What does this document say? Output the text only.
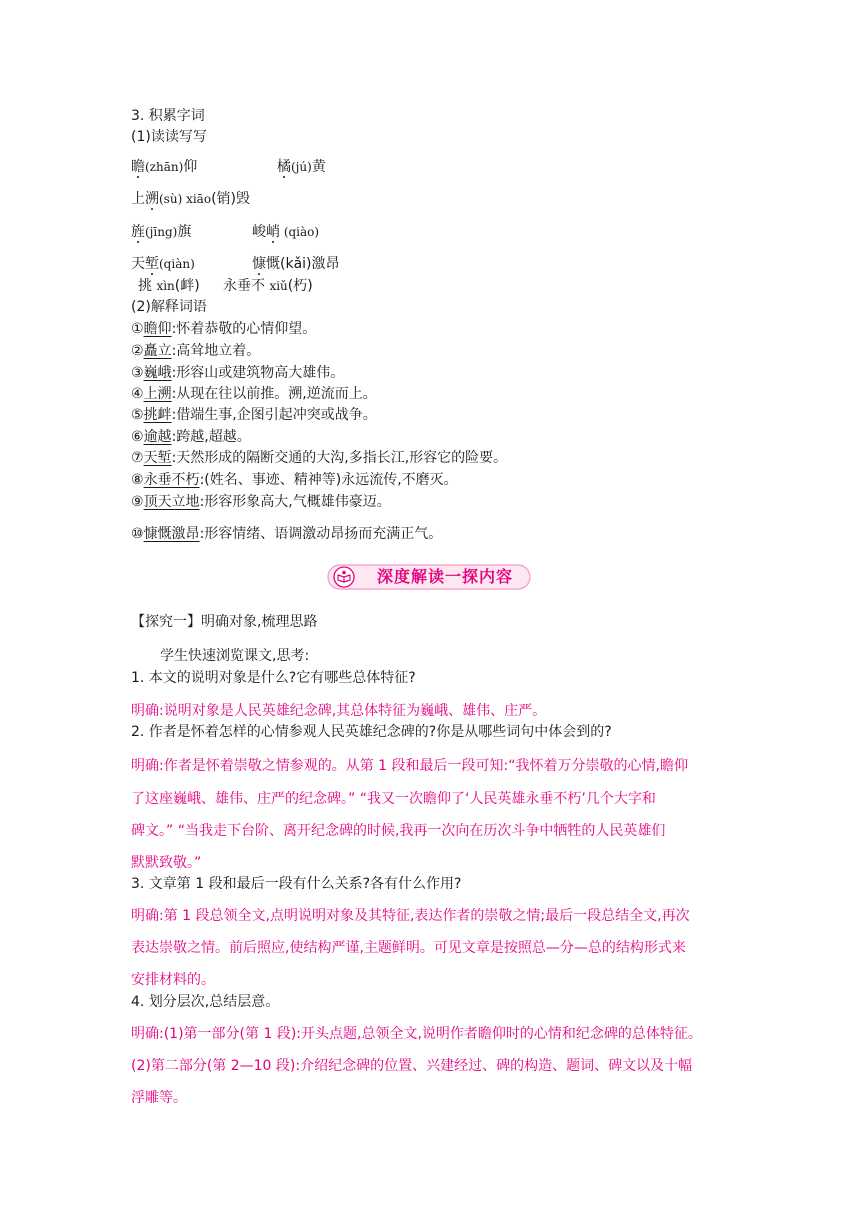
3. 积累字词
(1)读读写写
瞻(zhān)仰	橘(jú)黄
上溯(sù) xiāo(销)毁
旌(jīng)旗	峻峭 (qiào)
天堑(qiàn)	慷慨(kǎi)激昂
挑 xìn(衅) 永垂不 xiǔ(朽)
(2)解释词语
①瞻仰:怀着恭敬的心情仰望。
②矗立:高耸地立着。
③巍峨:形容山或建筑物高大雄伟。
④上溯:从现在往以前推。溯,逆流而上。
⑤挑衅:借端生事,企图引起冲突或战争。
⑥逾越:跨越,超越。
⑦天堑:天然形成的隔断交通的大沟,多指长江,形容它的险要。
⑧永垂不朽:(姓名、事迹、精神等)永远流传,不磨灭。
⑨顶天立地:形容形象高大,气概雄伟豪迈。
⑩慷慨激昂:形容情绪、语调激动昂扬而充满正气。
深度解读一探内容
【探究一】明确对象,梳理思路
学生快速浏览课文,思考:
1. 本文的说明对象是什么?它有哪些总体特征?
明确:说明对象是人民英雄纪念碑,其总体特征为巍峨、雄伟、庄严。
2. 作者是怀着怎样的心情参观人民英雄纪念碑的?你是从哪些词句中体会到的?
明确:作者是怀着崇敬之情参观的。从第 1 段和最后一段可知:“我怀着万分崇敬的心情,瞻仰
了这座巍峨、雄伟、庄严的纪念碑。” “我又一次瞻仰了‘人民英雄永垂不朽’几个大字和
碑文。” “当我走下台阶、离开纪念碑的时候,我再一次向在历次斗争中牺牲的人民英雄们
默默致敬。”
3. 文章第 1 段和最后一段有什么关系?各有什么作用?
明确:第 1 段总领全文,点明说明对象及其特征,表达作者的崇敬之情;最后一段总结全文,再次
表达崇敬之情。前后照应,使结构严谨,主题鲜明。可见文章是按照总—分—总的结构形式来
安排材料的。
4. 划分层次,总结层意。
明确:(1)第一部分(第 1 段):开头点题,总领全文,说明作者瞻仰时的心情和纪念碑的总体特征。
(2)第二部分(第 2—10 段):介绍纪念碑的位置、兴建经过、碑的构造、题词、碑文以及十幅
浮雕等。
